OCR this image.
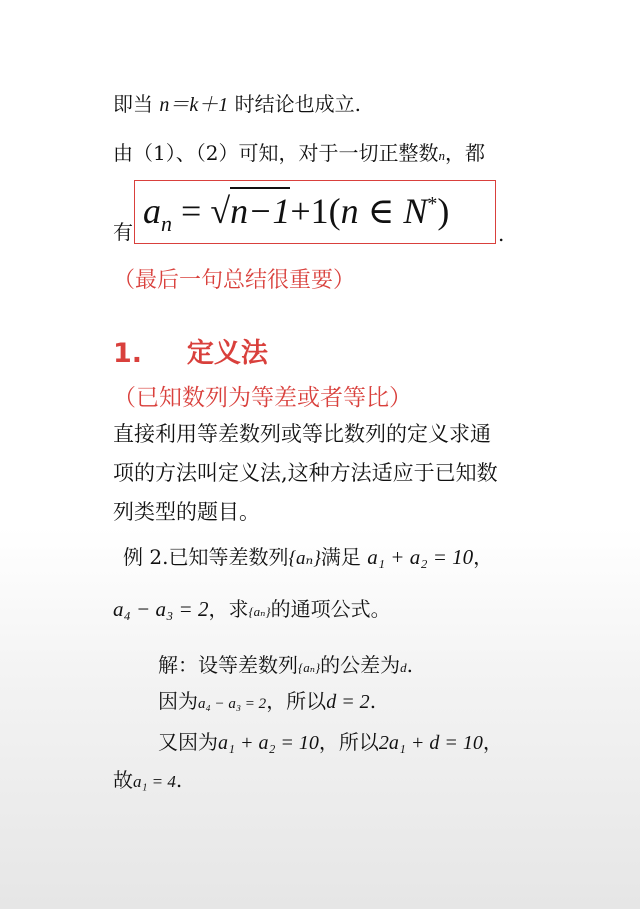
即当 n＝k＋1 时结论也成立.
由（1）、（2）可知，对于一切正整数n，都
有
$a_n = √n-1+1(n$ ∈ N*)
.
（最后一句总结很重要）
1. 定义法
（已知数列为等差或者等比）
直接利用等差数列或等比数列的定义求通
项的方法叫定义法,这种方法适应于已知数
列类型的题目。
例 2.已知等差数列{aₙ}满足 a₁ + a₂ = 10，
a₄ − a₃ = 2，求{aₙ}的通项公式。
解：设等差数列{aₙ}的公差为d.
因为a₄ − a₃ = 2，所以d = 2.
又因为a₁ + a₂ = 10，所以2a₁ + d = 10，
故a₁ = 4.
